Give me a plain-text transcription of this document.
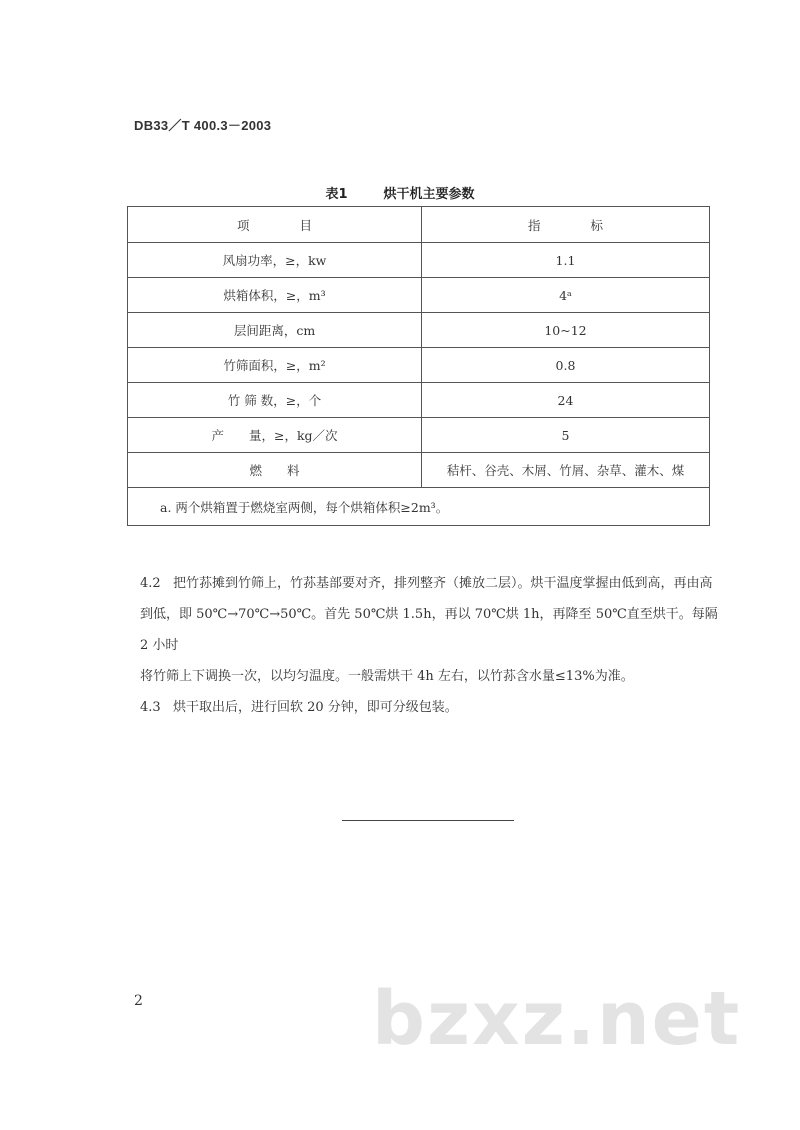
DB33／T 400.3－2003
表1	烘干机主要参数
项　　　　目	指　　　　标
风扇功率，≥，kw	1.1
烘箱体积，≥，m³	4ᵃ
层间距离，cm	10~12
竹筛面积，≥，m²	0.8
竹 筛 数，≥，个	24
产　　量，≥，kg／次	5
燃　　料	秸杆、谷壳、木屑、竹屑、杂草、灌木、煤
a. 两个烘箱置于燃烧室两侧，每个烘箱体积≥2m³。	

4.2 把竹荪摊到竹筛上，竹荪基部要对齐，排列整齐（摊放二层）。烘干温度掌握由低到高，再由高

到低，即 50℃→70℃→50℃。首先 50℃烘 1.5h，再以 70℃烘 1h，再降至 50℃直至烘干。每隔 2 小时

将竹筛上下调换一次，以均匀温度。一般需烘干 4h 左右，以竹荪含水量≤13%为准。

4.3 烘干取出后，进行回软 20 分钟，即可分级包装。

2	bzxz.net
